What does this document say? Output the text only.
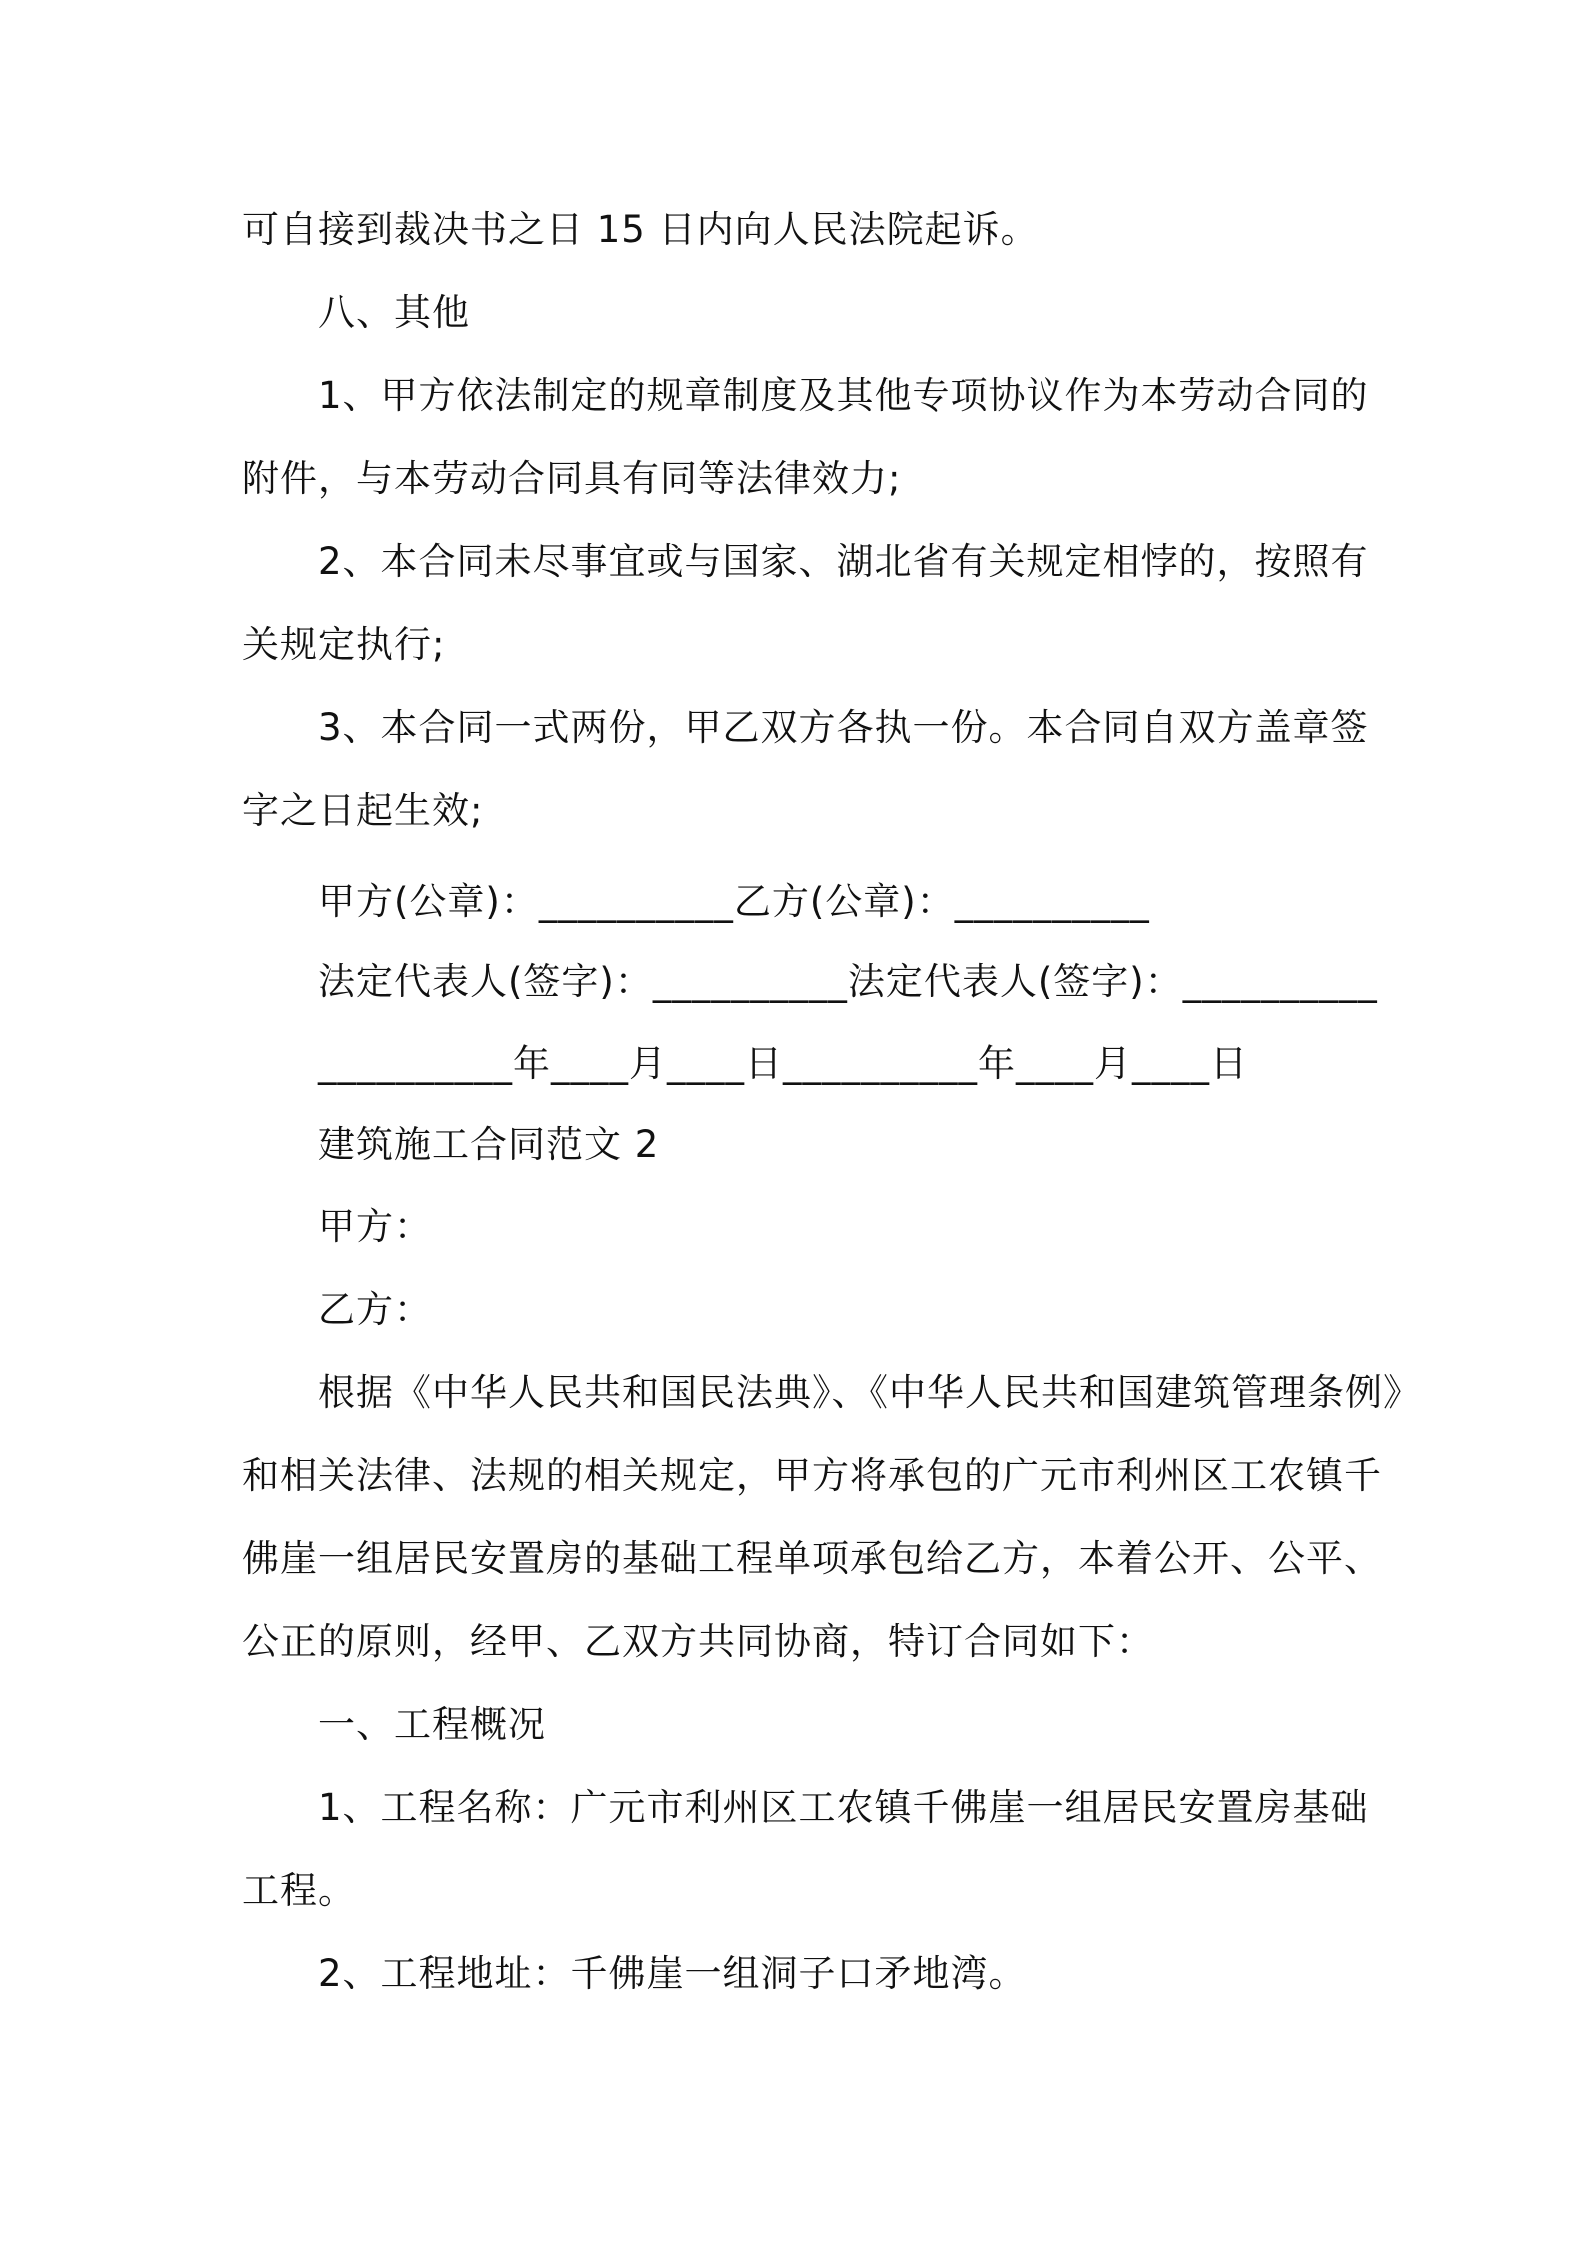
可自接到裁决书之日 15 日内向人民法院起诉。
八、其他
1、甲方依法制定的规章制度及其他专项协议作为本劳动合同的
附件，与本劳动合同具有同等法律效力;
2、本合同未尽事宜或与国家、湖北省有关规定相悖的，按照有
关规定执行;
3、本合同一式两份，甲乙双方各执一份。本合同自双方盖章签
字之日起生效;
甲方(公章)：__________乙方(公章)：__________
法定代表人(签字)：__________法定代表人(签字)：__________
__________年____月____日__________年____月____日
建筑施工合同范文 2
甲方：
乙方：
根据《中华人民共和国民法典》、《中华人民共和国建筑管理条例》
和相关法律、法规的相关规定，甲方将承包的广元市利州区工农镇千
佛崖一组居民安置房的基础工程单项承包给乙方，本着公开、公平、
公正的原则，经甲、乙双方共同协商，特订合同如下：
一、工程概况
1、工程名称：广元市利州区工农镇千佛崖一组居民安置房基础
工程。
2、工程地址：千佛崖一组洞子口矛地湾。
